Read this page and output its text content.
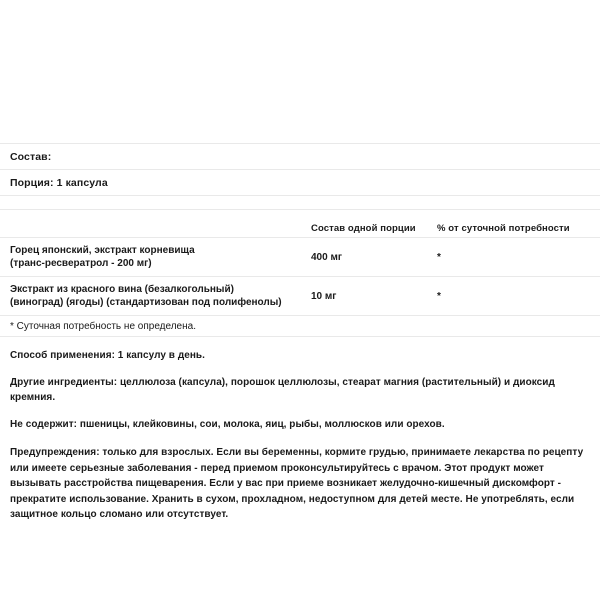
Состав:
Порция: 1 капсула
	Состав одной порции	% от суточной потребности

Горец японский, экстракт корневища
(транс-ресвератрол - 200 мг)	400 мг	*

Экстракт из красного вина (безалкогольный)
(виноград) (ягоды) (стандартизован под полифенолы)	10 мг	*
* Суточная потребность не определена.
Способ применения: 1 капсулу в день.
Другие ингредиенты: целлюлоза (капсула), порошок целлюлозы, стеарат магния (растительный) и диоксид кремния.
Не содержит: пшеницы, клейковины, сои, молока, яиц, рыбы, моллюсков или орехов.
Предупреждения: только для взрослых. Если вы беременны, кормите грудью, принимаете лекарства по рецепту или имеете серьезные заболевания - перед приемом проконсультируйтесь с врачом. Этот продукт может вызывать расстройства пищеварения. Если у вас при приеме возникает желудочно-кишечный дискомфорт - прекратите использование. Хранить в сухом, прохладном, недоступном для детей месте. Не употреблять, если защитное кольцо сломано или отсутствует.
